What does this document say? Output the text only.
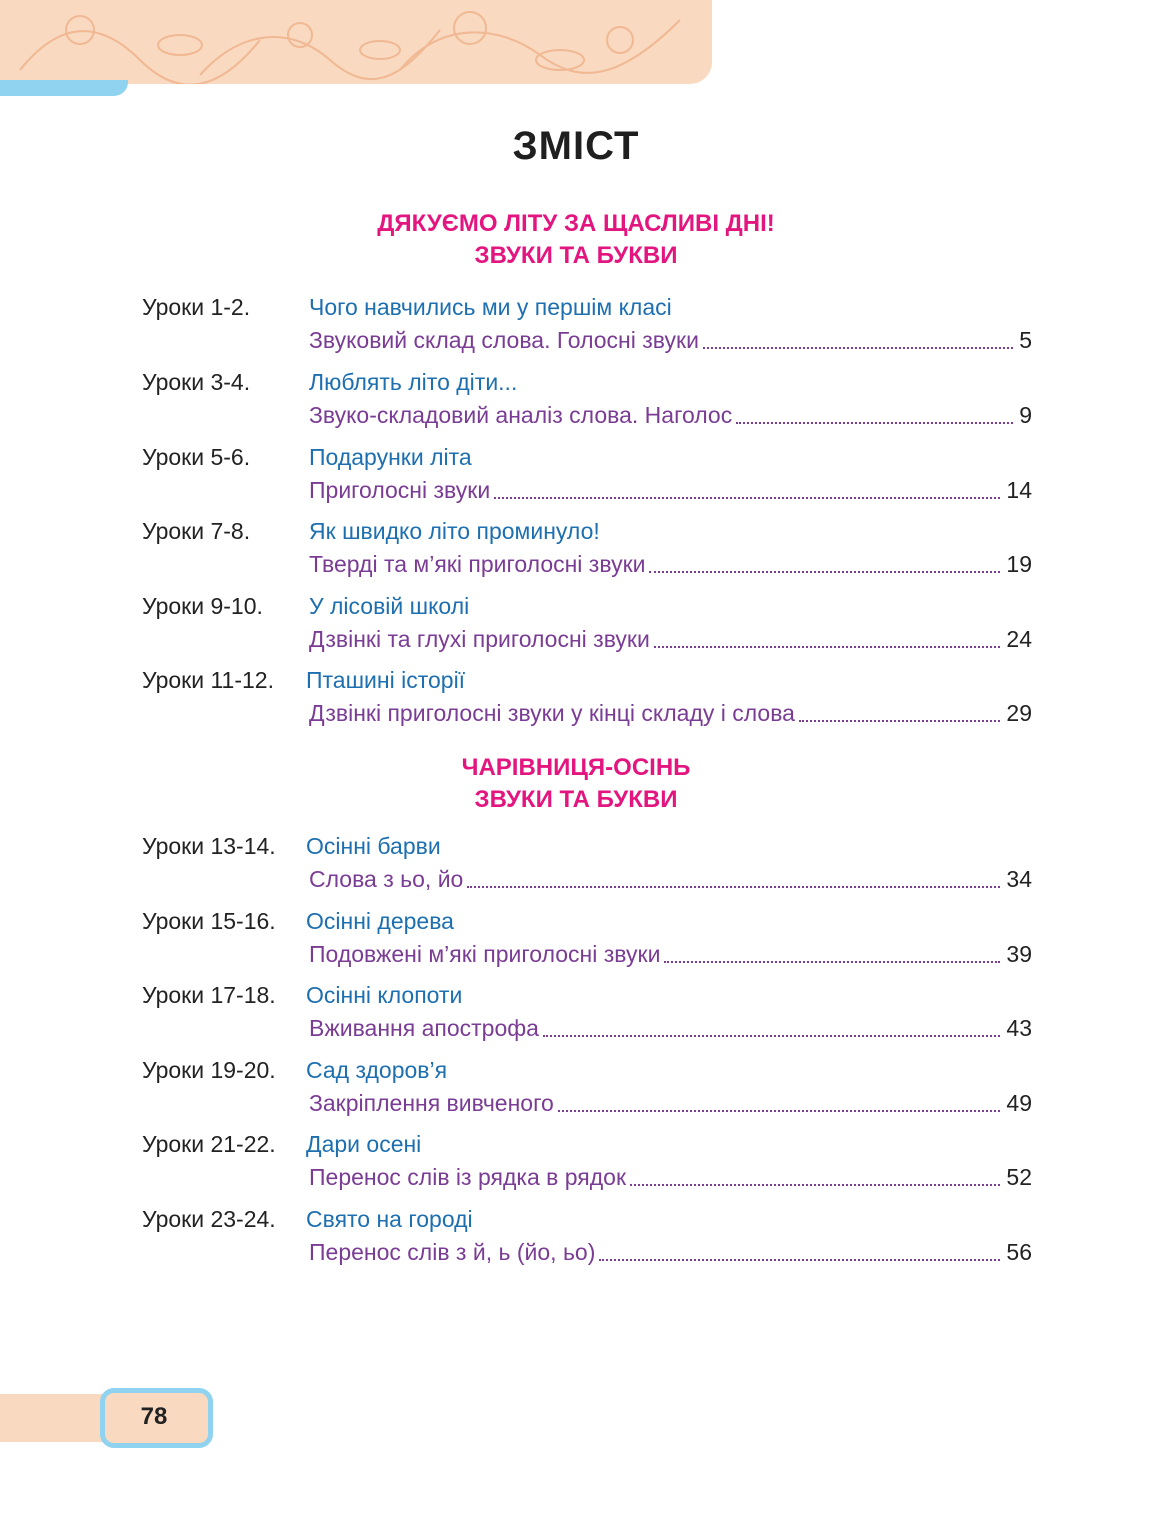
ЗМІСТ
ДЯКУЄМО ЛІТУ ЗА ЩАСЛИВІ ДНІ!
ЗВУКИ ТА БУКВИ
Уроки 1-2.	Чого навчились ми у першім класі
Звуковий склад слова. Голосні звуки	5
Уроки 3-4.	Люблять літо діти...
Звуко-складовий аналіз слова. Наголос	9
Уроки 5-6.	Подарунки літа
Приголосні звуки	14
Уроки 7-8.	Як швидко літо проминуло!
Тверді та м’які приголосні звуки	19
Уроки 9-10. У лісовій школі
Дзвінкі та глухі приголосні звуки	24
Уроки 11-12. Пташині історії
Дзвінкі приголосні звуки у кінці складу і слова	29
ЧАРІВНИЦЯ-ОСІНЬ
ЗВУКИ ТА БУКВИ
Уроки 13-14. Осінні барви
Слова з ьо, йо	34
Уроки 15-16. Осінні дерева
Подовжені м’які приголосні звуки	39
Уроки 17-18. Осінні клопоти
Вживання апострофа	43
Уроки 19-20. Сад здоров’я
Закріплення вивченого	49
Уроки 21-22. Дари осені
Перенос слів із рядка в рядок	52
Уроки 23-24. Свято на городі
Перенос слів з й, ь (йо, ьо)	56
78
